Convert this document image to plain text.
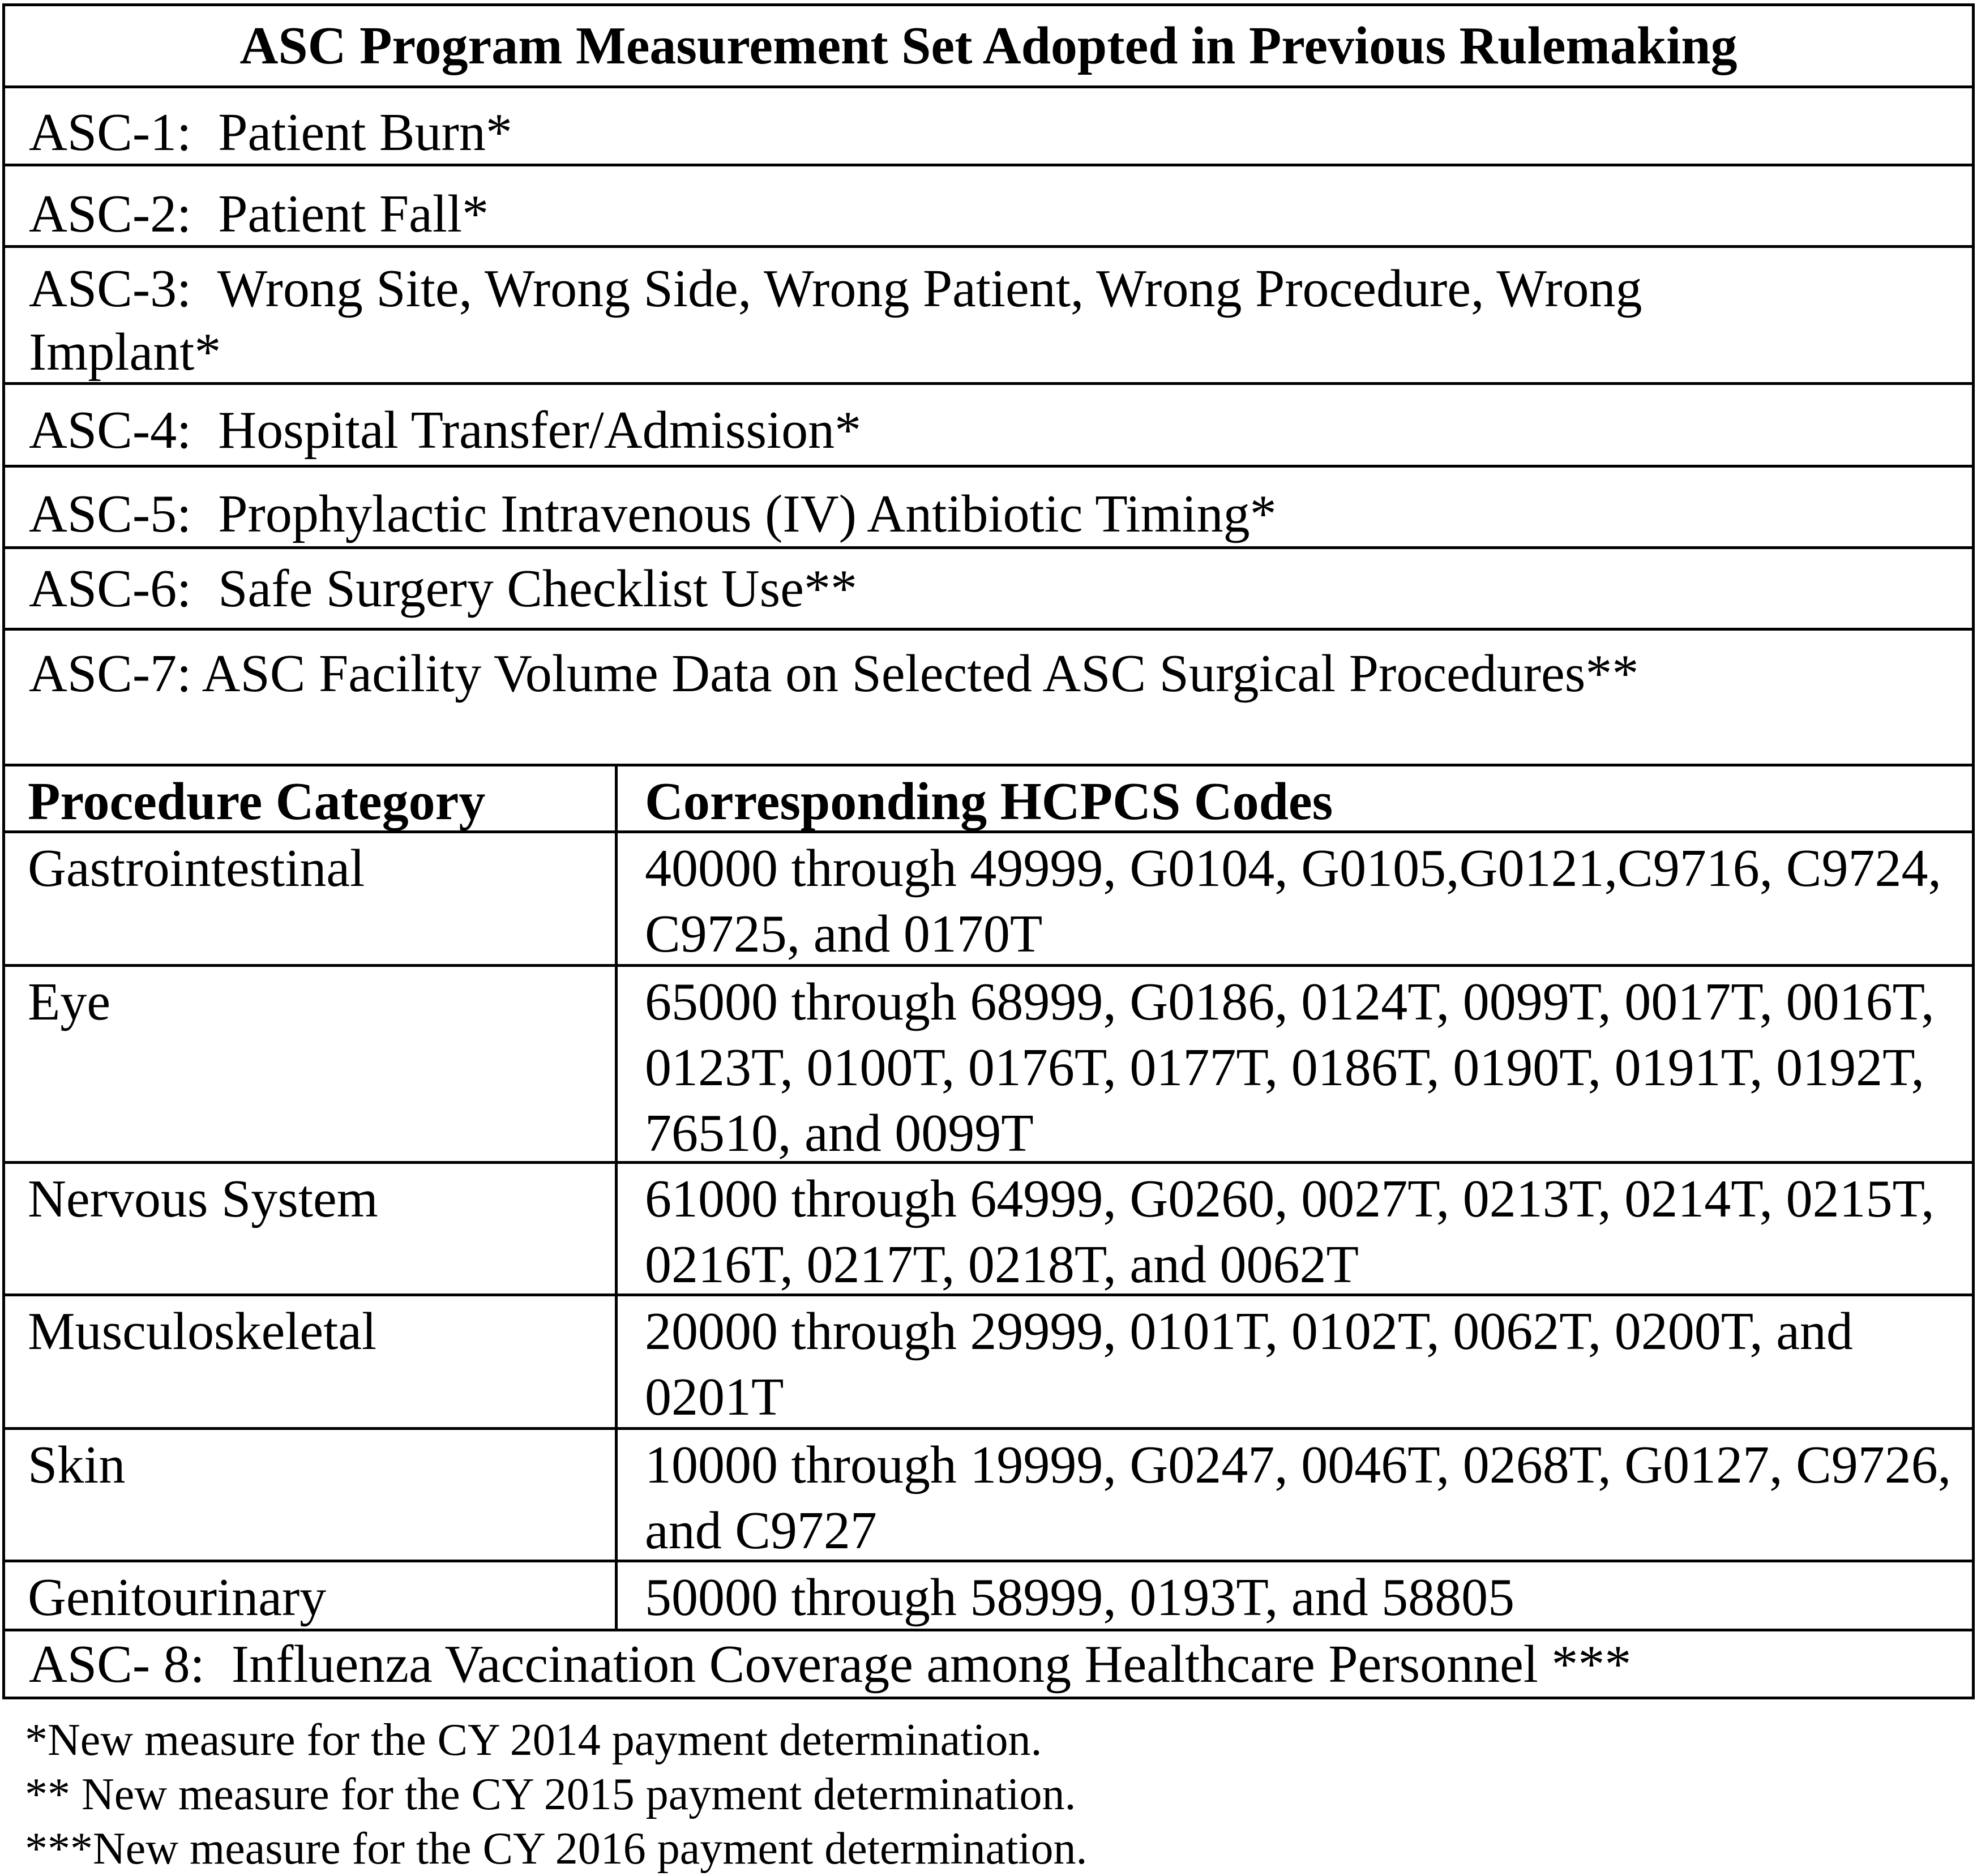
ASC Program Measurement Set Adopted in Previous Rulemaking
ASC-1:  Patient Burn*
ASC-2:  Patient Fall*
ASC-3:  Wrong Site, Wrong Side, Wrong Patient, Wrong Procedure, Wrong
Implant*
ASC-4:  Hospital Transfer/Admission*
ASC-5:  Prophylactic Intravenous (IV) Antibiotic Timing*
ASC-6:  Safe Surgery Checklist Use**
ASC-7: ASC Facility Volume Data on Selected ASC Surgical Procedures**
Procedure Category	Corresponding HCPCS Codes
Gastrointestinal	40000 through 49999, G0104, G0105,G0121,C9716, C9724, C9725, and 0170T
Eye	65000 through 68999, G0186, 0124T, 0099T, 0017T, 0016T, 0123T, 0100T, 0176T, 0177T, 0186T, 0190T, 0191T, 0192T, 76510, and 0099T
Nervous System	61000 through 64999, G0260, 0027T, 0213T, 0214T, 0215T, 0216T, 0217T, 0218T, and 0062T
Musculoskeletal	20000 through 29999, 0101T, 0102T, 0062T, 0200T, and 0201T
Skin	10000 through 19999, G0247, 0046T, 0268T, G0127, C9726, and C9727
Genitourinary	50000 through 58999, 0193T, and 58805
ASC- 8:  Influenza Vaccination Coverage among Healthcare Personnel ***
*New measure for the CY 2014 payment determination.
** New measure for the CY 2015 payment determination.
***New measure for the CY 2016 payment determination.
